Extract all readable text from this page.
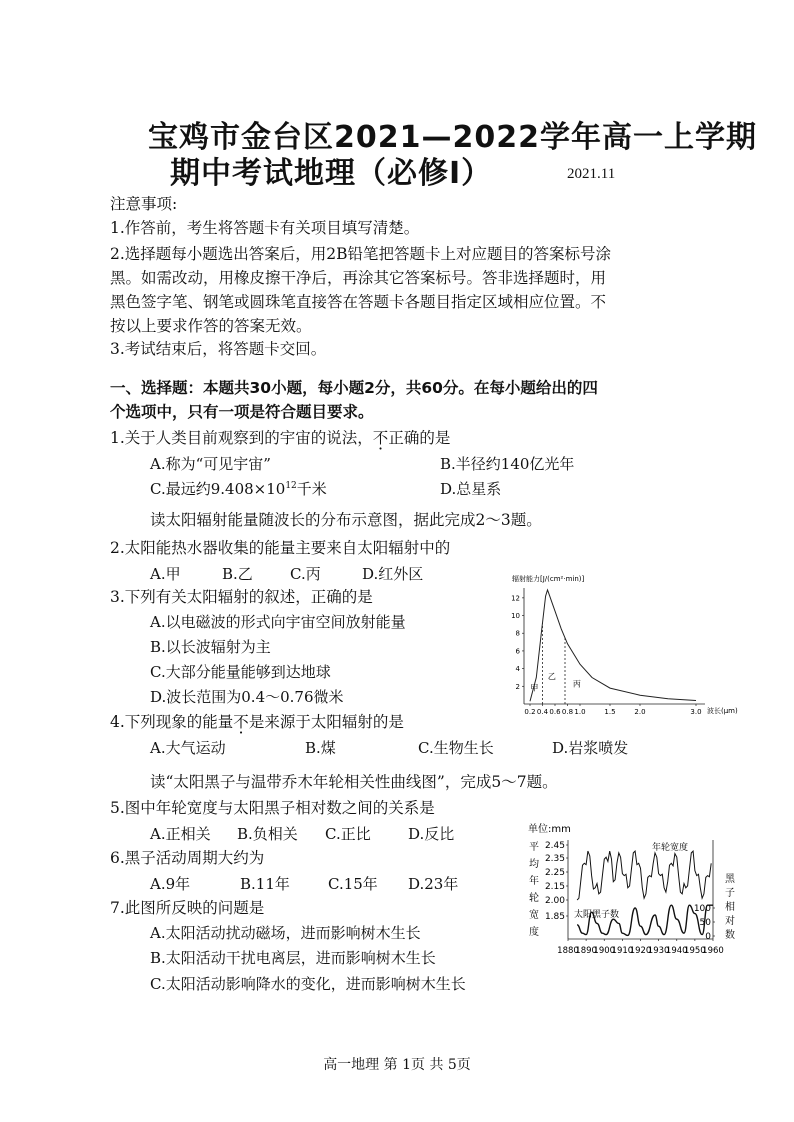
宝鸡市金台区2021—2022学年高一上学期
期中考试地理（必修Ⅰ）	2021.11
注意事项:
1.作答前，考生将答题卡有关项目填写清楚。
2.选择题每小题选出答案后，用2B铅笔把答题卡上对应题目的答案标号涂
黑。如需改动，用橡皮擦干净后，再涂其它答案标号。答非选择题时，用
黑色签字笔、钢笔或圆珠笔直接答在答题卡各题目指定区域相应位置。不
按以上要求作答的答案无效。
3.考试结束后，将答题卡交回。
一、选择题：本题共30小题，每小题2分，共60分。在每小题给出的四
个选项中，只有一项是符合题目要求。
1.关于人类目前观察到的宇宙的说法，不正确的是
A.称为“可见宇宙”	B.半径约140亿光年
C.最远约$9.408\times 10^{12}$千米	D.总星系
读太阳辐射能量随波长的分布示意图，据此完成2～3题。
2.太阳能热水器收集的能量主要来自太阳辐射中的
A.甲	B.乙 C.丙	D.红外区
3.下列有关太阳辐射的叙述，正确的是
A.以电磁波的形式向宇宙空间放射能量
B.以长波辐射为主
C.大部分能量能够到达地球
D.波长范围为0.4～0.76微米
4.下列现象的能量不是来源于太阳辐射的是
A.大气运动	B.煤	C.生物生长	D.岩浆喷发
读“太阳黑子与温带乔木年轮相关性曲线图”，完成5～7题。
5.图中年轮宽度与太阳黑子相对数之间的关系是
A.正相关 B.负相关 C.正比 D.反比
6.黑子活动周期大约为
A.9年	B.11年	C.15年 D.23年
7.此图所反映的问题是
A.太阳活动扰动磁场，进而影响树木生长
B.太阳活动干扰电离层，进而影响树木生长
C.太阳活动影响降水的变化，进而影响树木生长
高一地理 第 1页 共 5页
辐射能力[J/(cm²·min)]
2
4
6
8
10
12
0.2 0.4 0.6 0.8 1.0	1.5	2.0	3.0
甲
乙
丙
波长(μm)
单位:mm
平
均
年
轮
宽
度
黑
子
相
对
数
2.45
2.35
2.25
2.15
2.00
1.85
100
50
0
1880
1890
1900
1910
1920
1930
1940
1950
1960
年轮宽度
太阳黑子数
